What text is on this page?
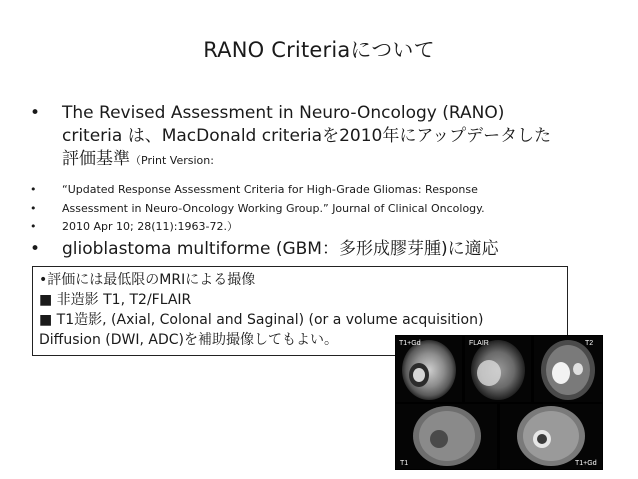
RANO Criteriaについて
• The Revised Assessment in Neuro-Oncology (RANO)
criteria は、MacDonald criteriaを2010年にアップデータした
評価基準（Print Version:
• “Updated Response Assessment Criteria for High-Grade Gliomas: Response
• Assessment in Neuro-Oncology Working Group.” Journal of Clinical Oncology.
• 2010 Apr 10; 28(11):1963-72.）
• glioblastoma multiforme (GBM：多形成膠芽腫)に適応
•評価には最低限のMRIによる撮像
■ 非造影 T1, T2/FLAIR
■ T1造影, (Axial, Colonal and Saginal) (or a volume acquisition)
Diffusion (DWI, ADC)を補助撮像してもよい。	T1+Gd	FLAIR	T2
T1	T1+Gd
